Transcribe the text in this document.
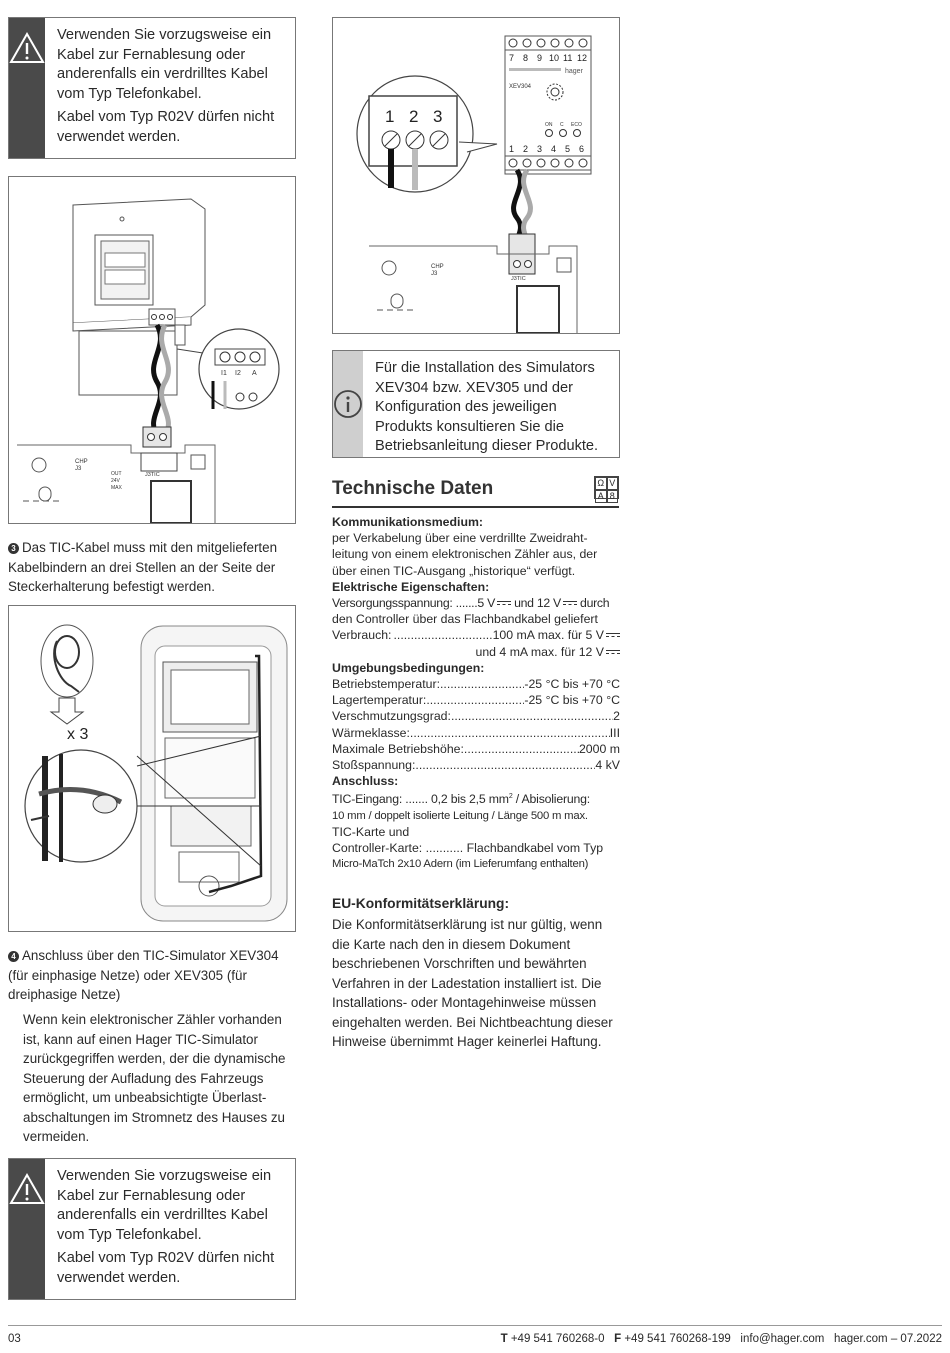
Verwenden Sie vorzugsweise ein Kabel zur Fernablesung oder anderenfalls ein verdrilltes Kabel vom Typ Telefonkabel.

Kabel vom Typ R02V dürfen nicht verwendet werden.

I1 I2 A
CHP
J3
OUT
24V
MAX
J3TIC
3 Das TIC-Kabel muss mit den mitgelieferten Kabelbindern an drei Stellen an der Seite der Steckerhalterung befestigt werden.
x 3
4 Anschluss über den TIC-Simulator XEV304 (für einphasige Netze) oder XEV305 (für dreiphasige Netze)
Wenn kein elektronischer Zähler vorhanden ist, kann auf einen Hager TIC-Simulator zurückgegriffen werden, der die dynamische Steuerung der Aufladung des Fahrzeugs ermöglicht, um unbeabsichtigte Überlast-abschaltungen im Stromnetz des Hauses zu vermeiden.

Verwenden Sie vorzugsweise ein Kabel zur Fernablesung oder anderenfalls ein verdrilltes Kabel vom Typ Telefonkabel.

Kabel vom Typ R02V dürfen nicht verwendet werden.

7 8 9 10 11 12
hager
XEV304
ON Ϲ ECO
1 2 3 4 5 6
1 2 3
CHP
J3
J3TIC

Für die Installation des Simulators XEV304 bzw. XEV305 und der Konfiguration des jeweiligen Produkts konsultieren Sie die Betriebsanleitung dieser Produkte.

Technische Daten	Ω V
A 8
Kommunikationsmedium:
per Verkabelung über eine verdrillte Zweidraht-leitung von einem elektronischen Zähler aus, der über einen TIC-Ausgang „historique“ verfügt.
Elektrische Eigenschaften:
Versorgungsspannung: .......5 V und 12 V durch
den Controller über das Flachbandkabel geliefert
Verbrauch: .....	100 mA max. für 5 V
und 4 mA max. für 12 V
Umgebungsbedingungen:
Betriebstemperatur: .....	-25 °C bis +70 °C
Lagertemperatur: .....	-25 °C bis +70 °C
Verschmutzungsgrad: .....	2
Wärmeklasse: .....	III
Maximale Betriebshöhe: .....	2000 m
Stoßspannung: .....	4 kV
Anschluss:
TIC-Eingang: ....... 0,2 bis 2,5 $mm^2$ / Abisolierung:
10 mm / doppelt isolierte Leitung / Länge 500 m max.
TIC-Karte und
Controller-Karte: ........... Flachbandkabel vom Typ
Micro-MaTch 2x10 Adern (im Lieferumfang enthalten)
EU-Konformitätserklärung:
Die Konformitätserklärung ist nur gültig, wenn die Karte nach den in diesem Dokument beschriebenen Vorschriften und bewährten Verfahren in der Ladestation installiert ist. Die Installations- oder Montagehinweise müssen eingehalten werden. Bei Nichtbeachtung dieser Hinweise übernimmt Hager keinerlei Haftung.
03	T +49 541 760268-0 F +49 541 760268-199 info@hager.com hager.com – 07.2022
